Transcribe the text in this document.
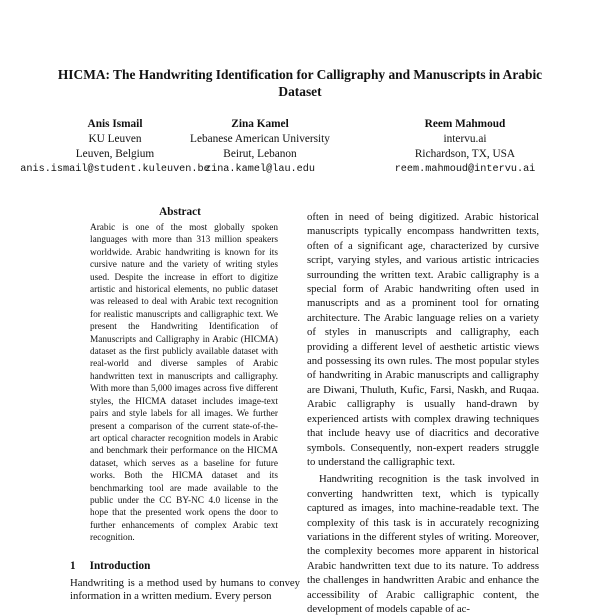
HICMA: The Handwriting Identification for Calligraphy and Manuscripts in Arabic Dataset
Anis Ismail
KU Leuven
Leuven, Belgium
anis.ismail@student.kuleuven.be
Zina Kamel
Lebanese American University
Beirut, Lebanon
zina.kamel@lau.edu
Reem Mahmoud
intervu.ai
Richardson, TX, USA
reem.mahmoud@intervu.ai
Abstract
Arabic is one of the most globally spoken languages with more than 313 million speakers worldwide. Arabic handwriting is known for its cursive nature and the variety of writing styles used. Despite the increase in effort to digitize artistic and historical elements, no public dataset was released to deal with Arabic text recognition for realistic manuscripts and calligraphic text. We present the Handwriting Identification of Manuscripts and Calligraphy in Arabic (HICMA) dataset as the first publicly available dataset with real-world and diverse samples of Arabic handwritten text in manuscripts and calligraphy. With more than 5,000 images across five different styles, the HICMA dataset includes image-text pairs and style labels for all images. We further present a comparison of the current state-of-the-art optical character recognition models in Arabic and benchmark their performance on the HICMA dataset, which serves as a baseline for future works. Both the HICMA dataset and its benchmarking tool are made available to the public under the CC BY-NC 4.0 license in the hope that the presented work opens the door to further enhancements of complex Arabic text recognition.
1 Introduction
Handwriting is a method used by humans to convey information in a written medium. Every person

often in need of being digitized. Arabic historical manuscripts typically encompass handwritten texts, often of a significant age, characterized by cursive script, varying styles, and various artistic intricacies surrounding the written text. Arabic calligraphy is a special form of Arabic handwriting often used in manuscripts and as a prominent tool for ornating architecture. The Arabic language relies on a variety of styles in manuscripts and calligraphy, each providing a different level of aesthetic artistic views and possessing its own rules. The most popular styles of handwriting in Arabic manuscripts and calligraphy are Diwani, Thuluth, Kufic, Farsi, Naskh, and Ruqaa. Arabic calligraphy is usually hand-drawn by experienced artists with complex drawing techniques that include heavy use of diacritics and decorative symbols. Consequently, non-expert readers struggle to understand the calligraphic text.

Handwriting recognition is the task involved in converting handwritten text, which is typically captured as images, into machine-readable text. The complexity of this task is in accurately recognizing variations in the different styles of writing. Moreover, the complexity becomes more apparent in historical Arabic handwritten text due to its nature. To address the challenges in handwritten Arabic and enhance the accessibility of Arabic calligraphic content, the development of models capable of ac-
